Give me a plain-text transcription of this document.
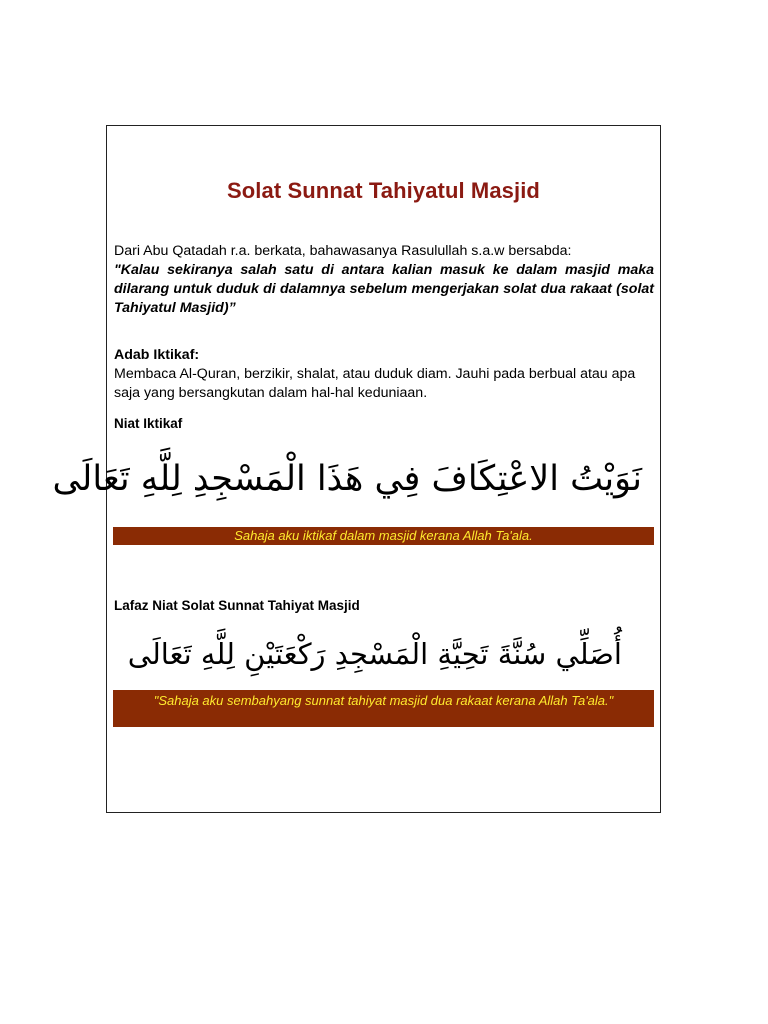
Solat Sunnat Tahiyatul Masjid
Dari Abu Qatadah r.a. berkata, bahawasanya Rasulullah s.a.w bersabda:
"Kalau sekiranya salah satu di antara kalian masuk ke dalam masjid maka dilarang untuk duduk di dalamnya sebelum mengerjakan solat dua rakaat (solat Tahiyatul Masjid)”
Adab Iktikaf:
Membaca Al-Quran, berzikir, shalat, atau duduk diam. Jauhi pada berbual atau apa saja yang bersangkutan dalam hal-hal keduniaan.
Niat Iktikaf
نَوَيْتُ الاعْتِكَافَ فِي هَذَا الْمَسْجِدِ لِلَّهِ تَعَالَى
Sahaja aku iktikaf dalam masjid kerana Allah Ta'ala.
Lafaz Niat Solat Sunnat Tahiyat Masjid
أُصَلِّي سُنَّةَ تَحِيَّةِ الْمَسْجِدِ رَكْعَتَيْنِ لِلَّهِ تَعَالَى
"Sahaja aku sembahyang sunnat tahiyat masjid dua rakaat kerana Allah Ta'ala."
